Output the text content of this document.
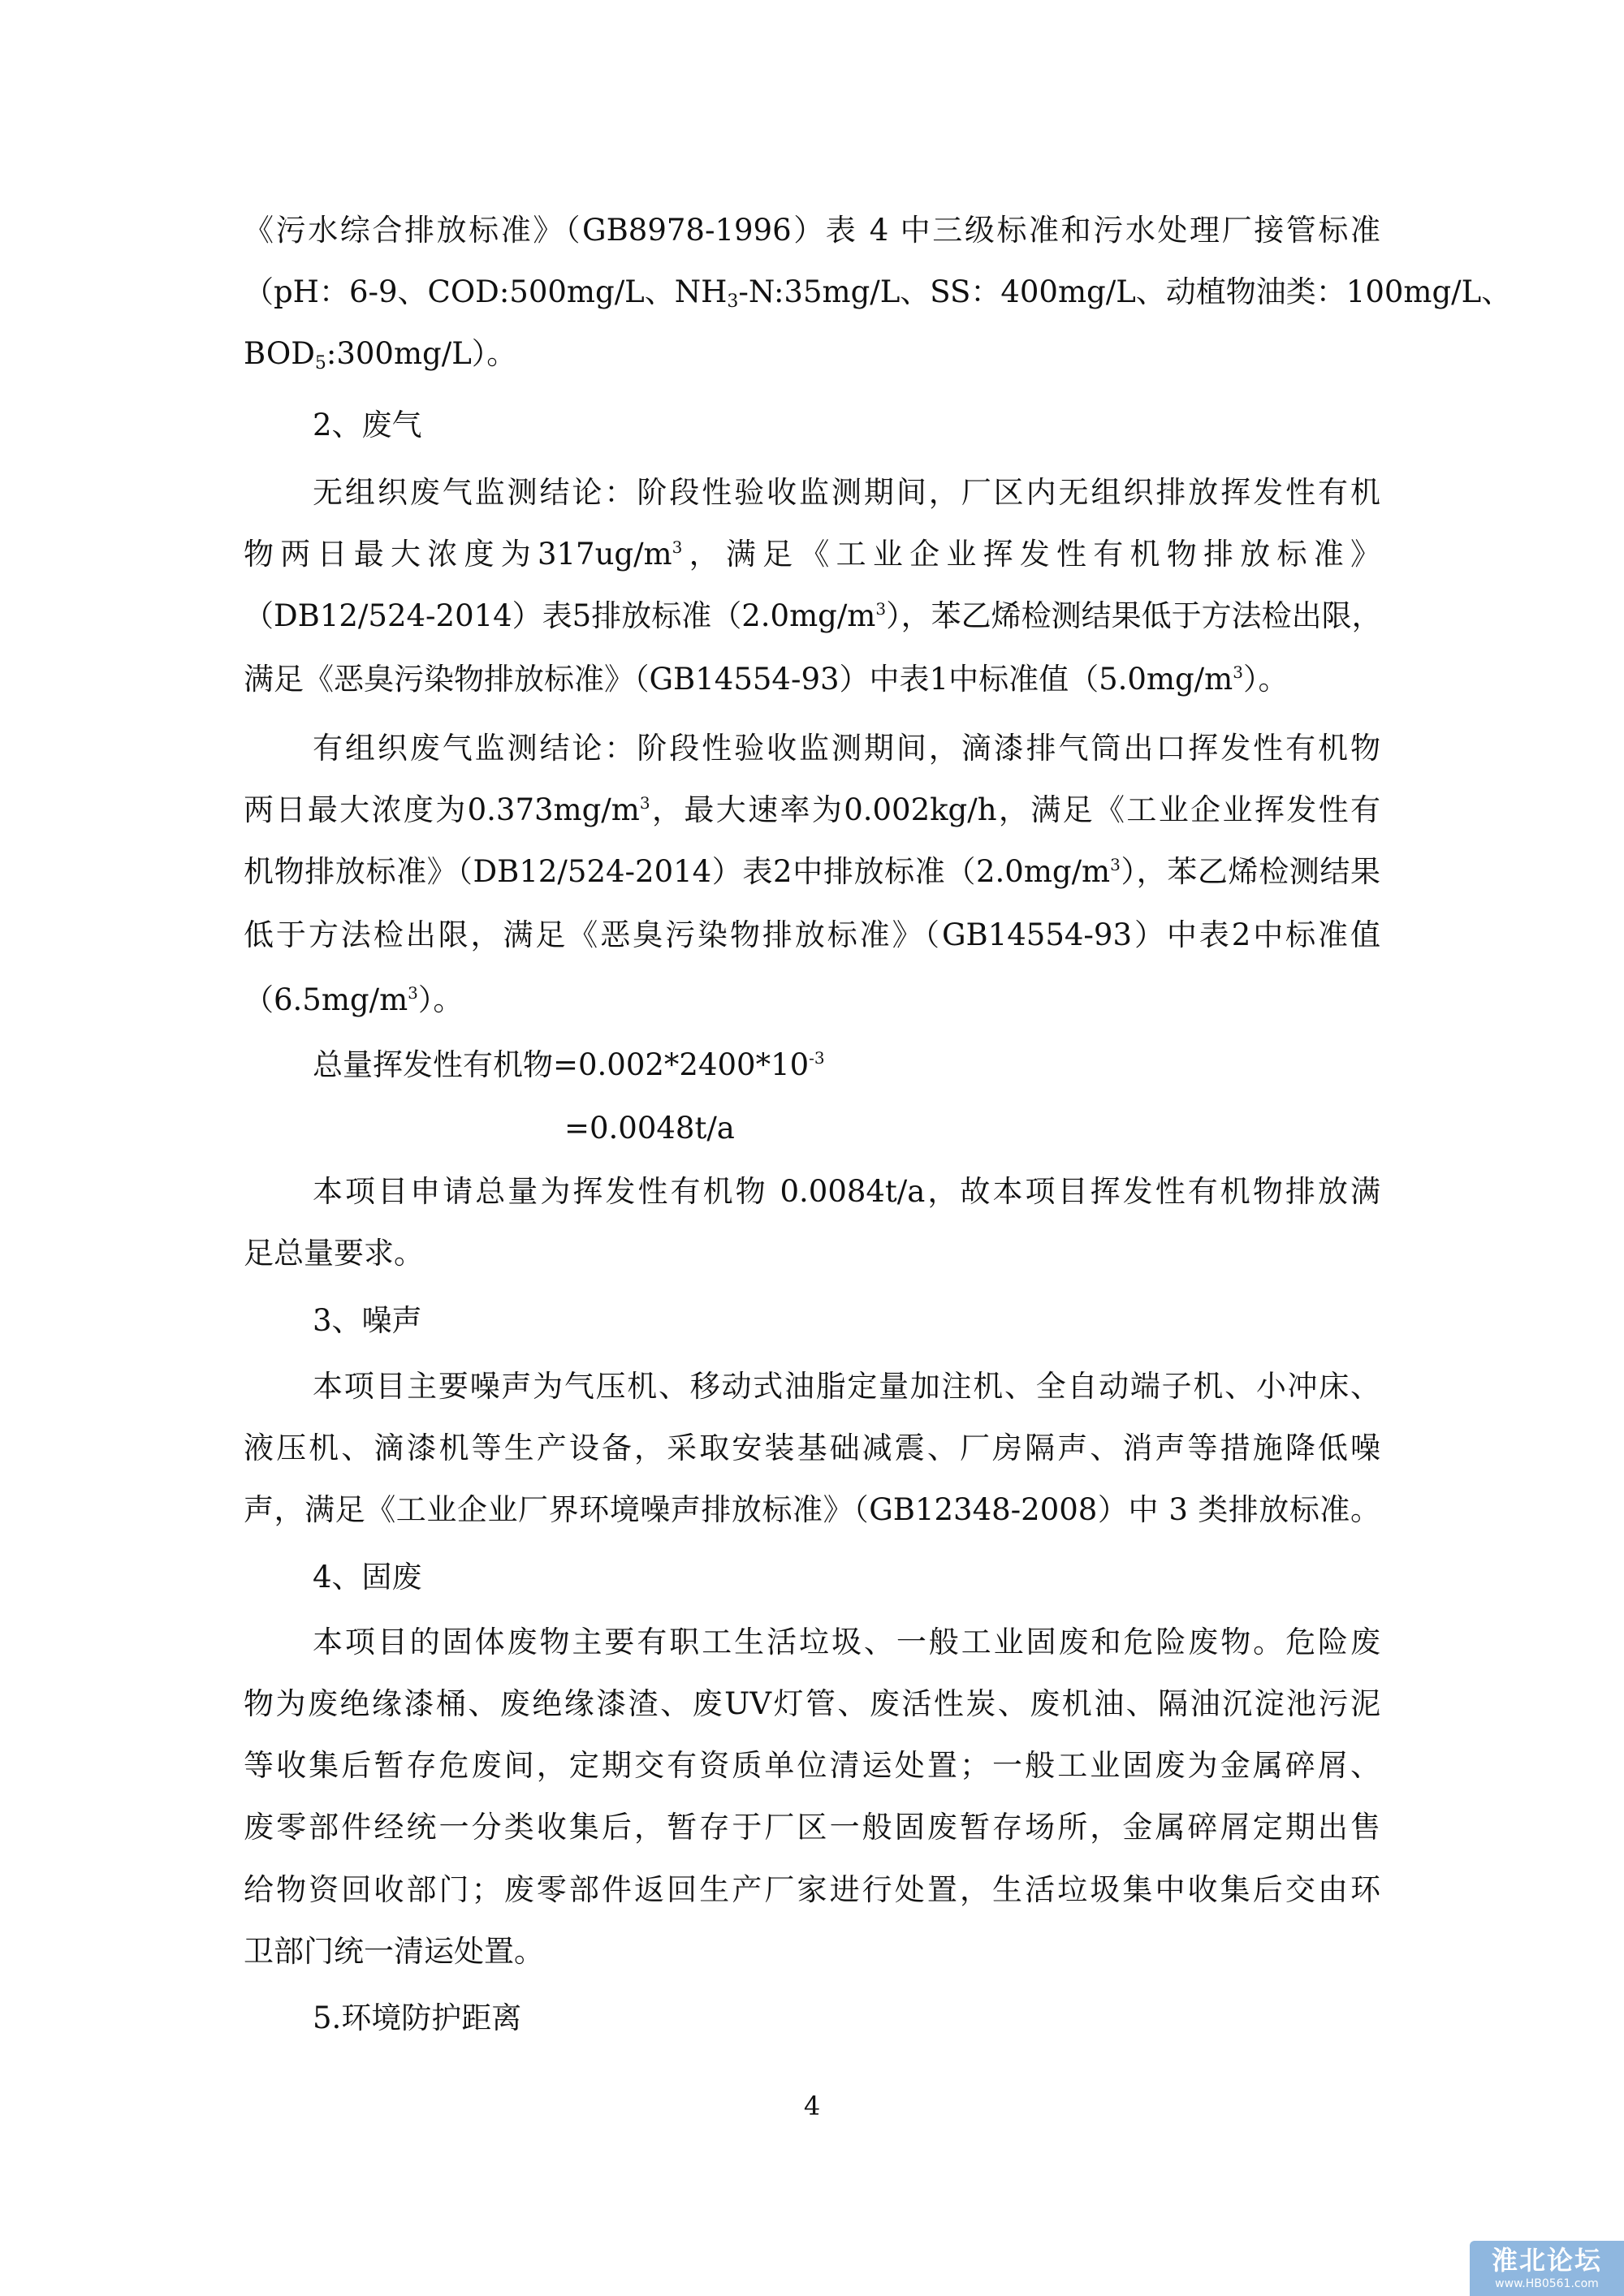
《污水综合排放标准》（GB8978-1996）表 4 中三级标准和污水处理厂接管标准
（pH：6-9、COD:500mg/L、$NH_3-N:35mg/L$、SS：400mg/L、动植物油类：100mg/L、
$BOD_5:300mg/L$）。
2、废气
无组织废气监测结论：阶段性验收监测期间，厂区内无组织排放挥发性有机
物两日最大浓度为$317ug/m^3$，满足《工业企业挥发性有机物排放标准》
（DB12/524-2014）表5排放标准$(2.0mg/m^3)$，苯乙烯检测结果低于方法检出限，
满足《恶臭污染物排放标准》（GB14554-93）中表1中标准值$(5.0mg/m^3)$。
有组织废气监测结论：阶段性验收监测期间，滴漆排气筒出口挥发性有机物
两日最大浓度为$0.373mg/m^3$，最大速率为0.002kg/h，满足《工业企业挥发性有
机物排放标准》（DB12/524-2014）表2中排放标准$(2.0mg/m^3)$，苯乙烯检测结果
低于方法检出限，满足《恶臭污染物排放标准》（GB14554-93）中表2中标准值
$(6.5mg/m^3)$。
总量挥发性有机物$=0.002*2400*10^{-3}$
=0.0048t/a
本项目申请总量为挥发性有机物 0.0084t/a，故本项目挥发性有机物排放满
足总量要求。
3、噪声
本项目主要噪声为气压机、移动式油脂定量加注机、全自动端子机、小冲床、
液压机、滴漆机等生产设备，采取安装基础减震、厂房隔声、消声等措施降低噪
声，满足《工业企业厂界环境噪声排放标准》（GB12348-2008）中 3 类排放标准。
4、固废
本项目的固体废物主要有职工生活垃圾、一般工业固废和危险废物。危险废
物为废绝缘漆桶、废绝缘漆渣、废UV灯管、废活性炭、废机油、隔油沉淀池污泥
等收集后暂存危废间，定期交有资质单位清运处置；一般工业固废为金属碎屑、
废零部件经统一分类收集后，暂存于厂区一般固废暂存场所，金属碎屑定期出售
给物资回收部门；废零部件返回生产厂家进行处置，生活垃圾集中收集后交由环
卫部门统一清运处置。
5.环境防护距离
4
淮北论坛
www.HB0561.com
